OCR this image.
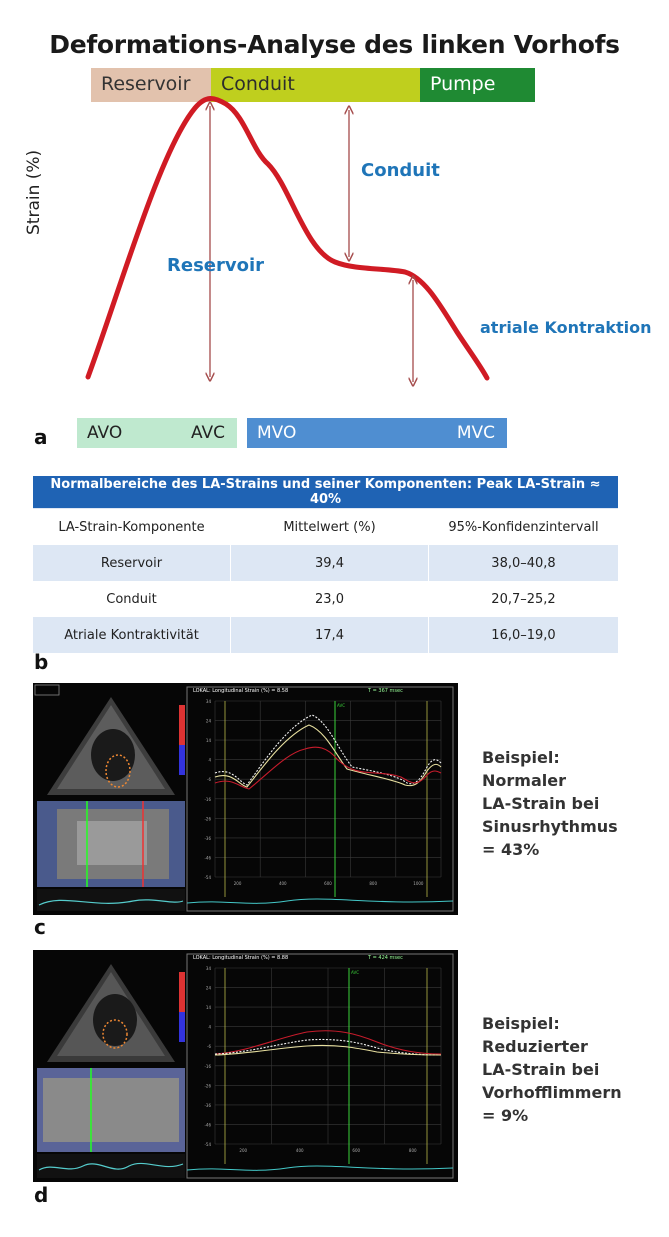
Deformations-Analyse des linken Vorhofs
Reservoir	Conduit	Pumpe
Strain (%)	Conduit
Reservoir
atriale Kontraktion
a AVO	AVC MVO	MVC
Normalbereiche des LA-Strains und seiner Komponenten: Peak LA-Strain ≈ 40%		
LA-Strain-Komponente	Mittelwert (%)	95%-Konfidenzintervall
Reservoir	39,4	38,0–40,8
Conduit	23,0	20,7–25,2
Atriale Kontraktivität	17,4	16,0–19,0
b
34
24
14
4
-6
-16
-26
-36
-46
-54
200	400	600	800	1000
AVC
LOKAL: Longitudinal Strain (%) = 8.58	T = 367 msec
Beispiel:
Normaler
LA-Strain bei
Sinusrhythmus
= 43%
c
34
24
14
4
-6
-16
-26
-36
-46
-54
200	400	600	800
AVC
LOKAL: Longitudinal Strain (%) = 8.88	T = 424 msec
Beispiel:
Reduzierter
LA-Strain bei
Vorhofflimmern
= 9%
d
